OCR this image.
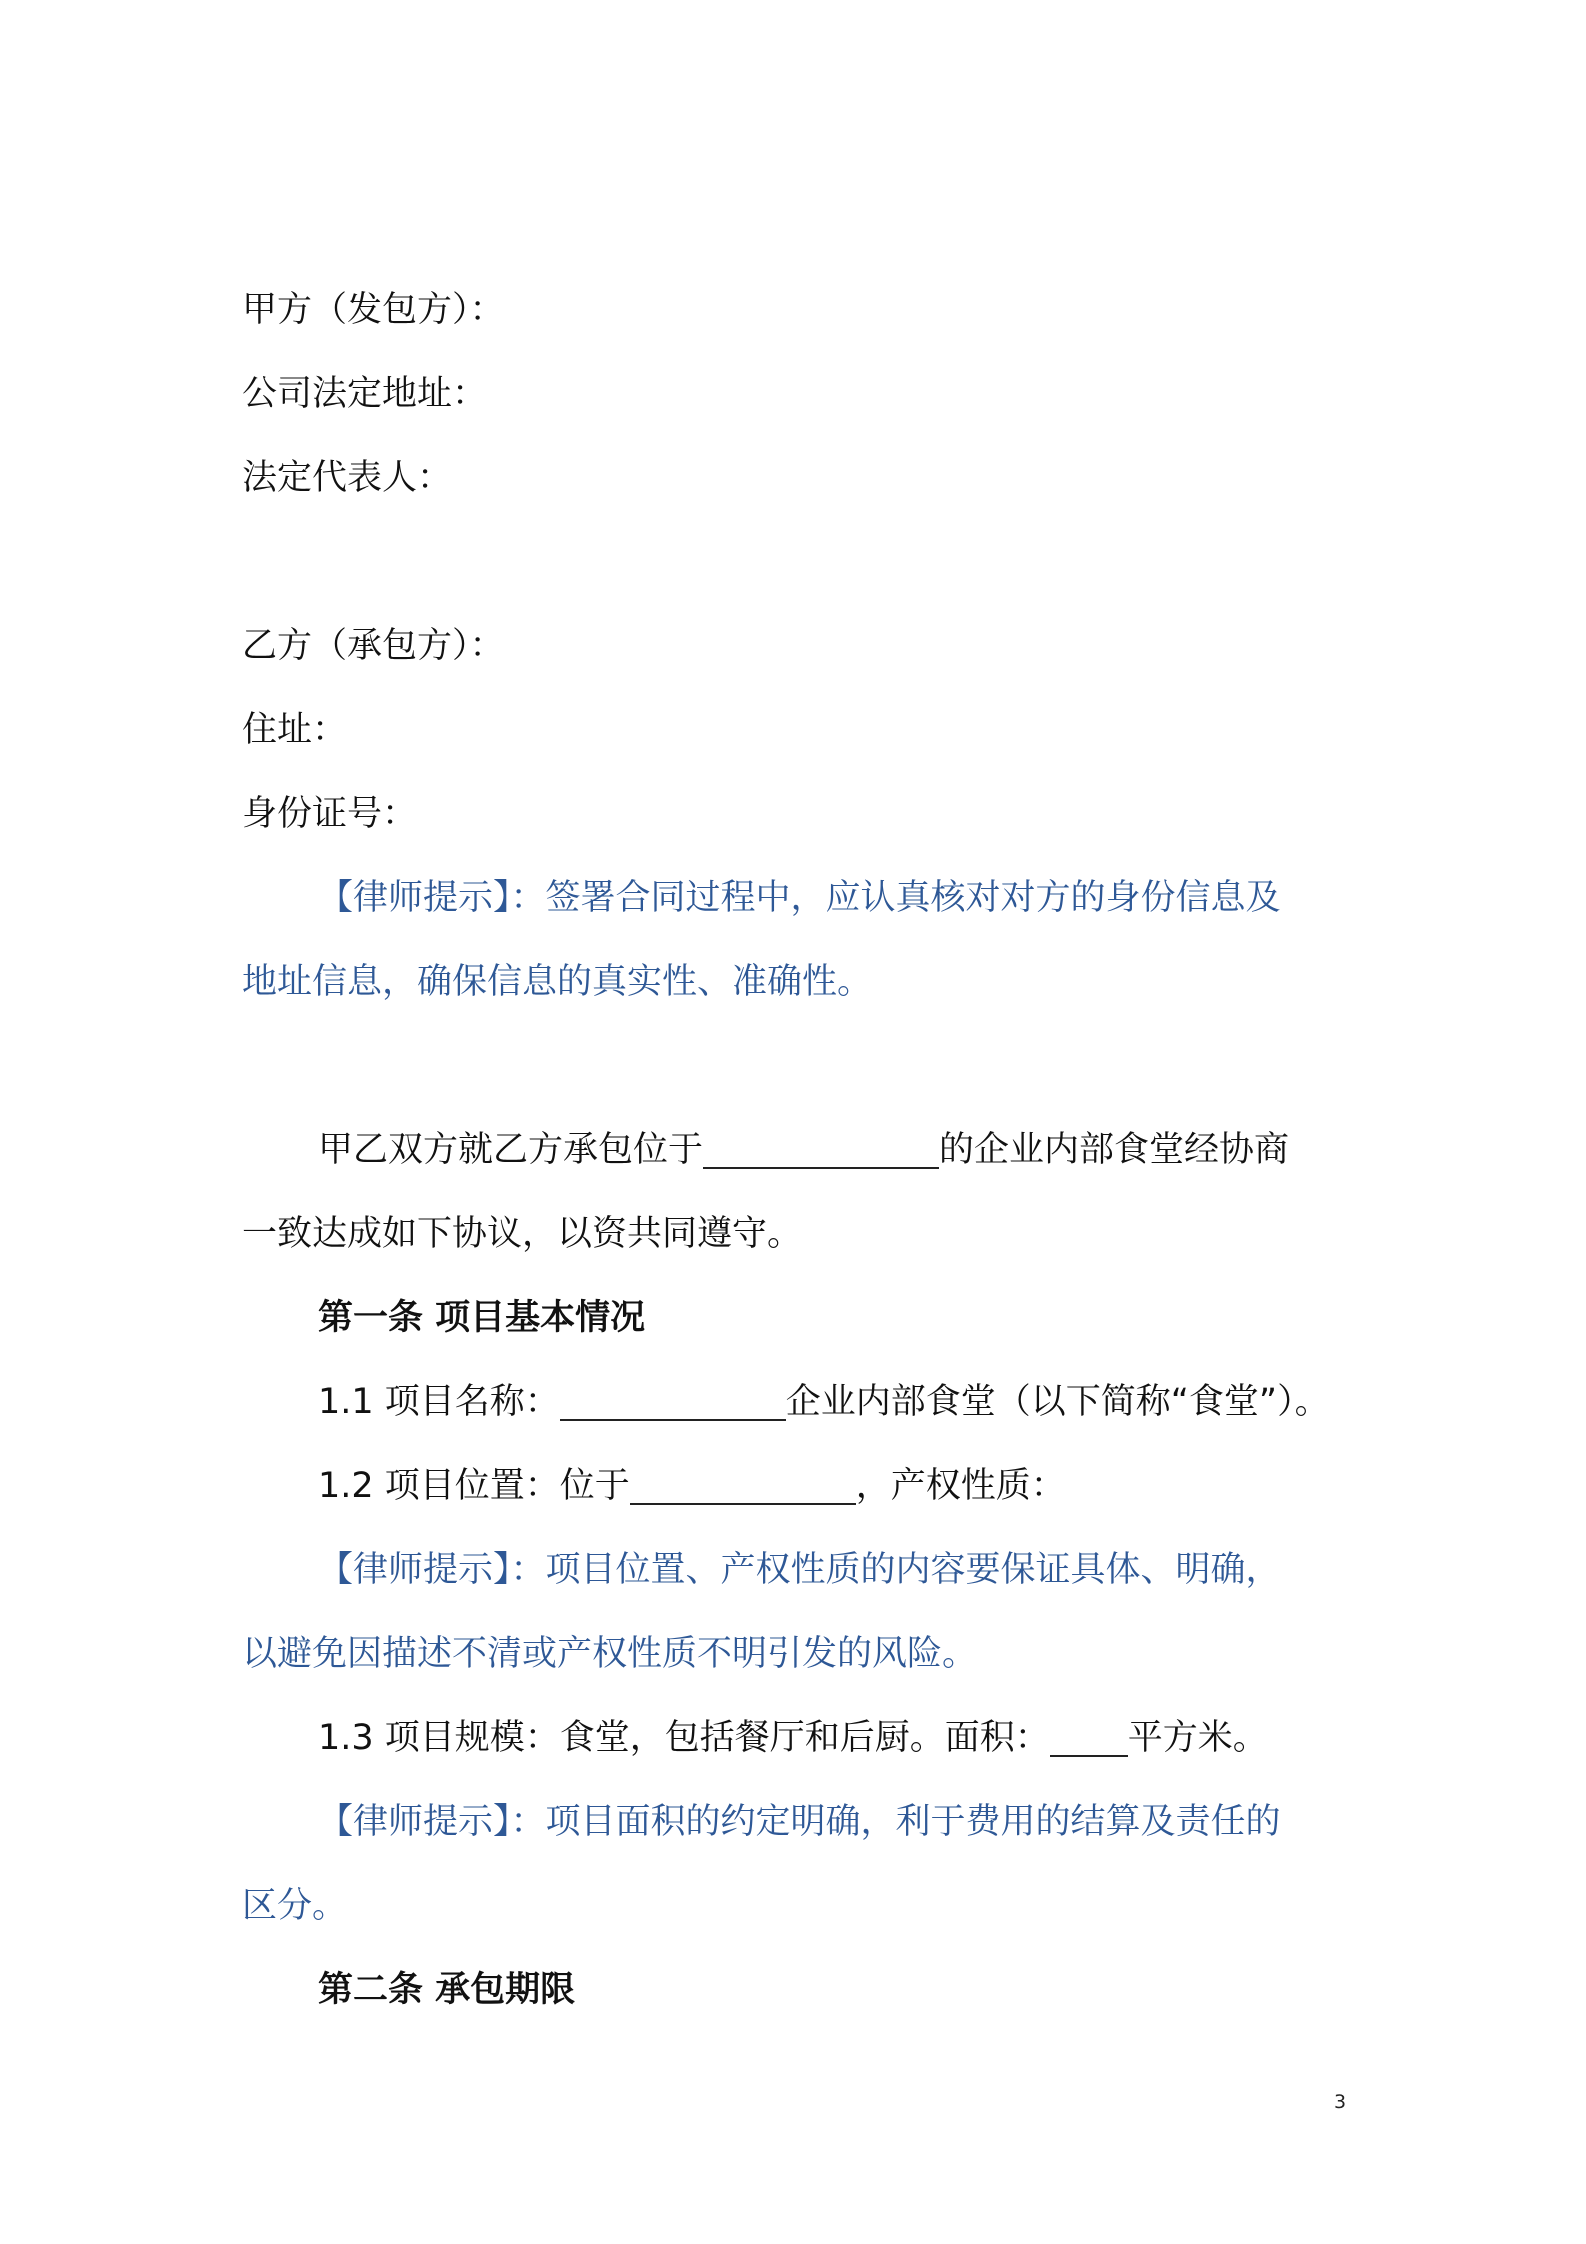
甲方（发包方）：
公司法定地址：
法定代表人：
乙方（承包方）：
住址：
身份证号：
【律师提示】：签署合同过程中，应认真核对对方的身份信息及
地址信息，确保信息的真实性、准确性。
甲乙双方就乙方承包位于	的企业内部食堂经协商
一致达成如下协议，以资共同遵守。
第一条 项目基本情况
1.1 项目名称：	企业内部食堂（以下简称“食堂”）。
1.2 项目位置：位于	，产权性质：
【律师提示】：项目位置、产权性质的内容要保证具体、明确，
以避免因描述不清或产权性质不明引发的风险。
1.3 项目规模：食堂，包括餐厅和后厨。面积： 平方米。
【律师提示】：项目面积的约定明确，利于费用的结算及责任的
区分。
第二条 承包期限
3
